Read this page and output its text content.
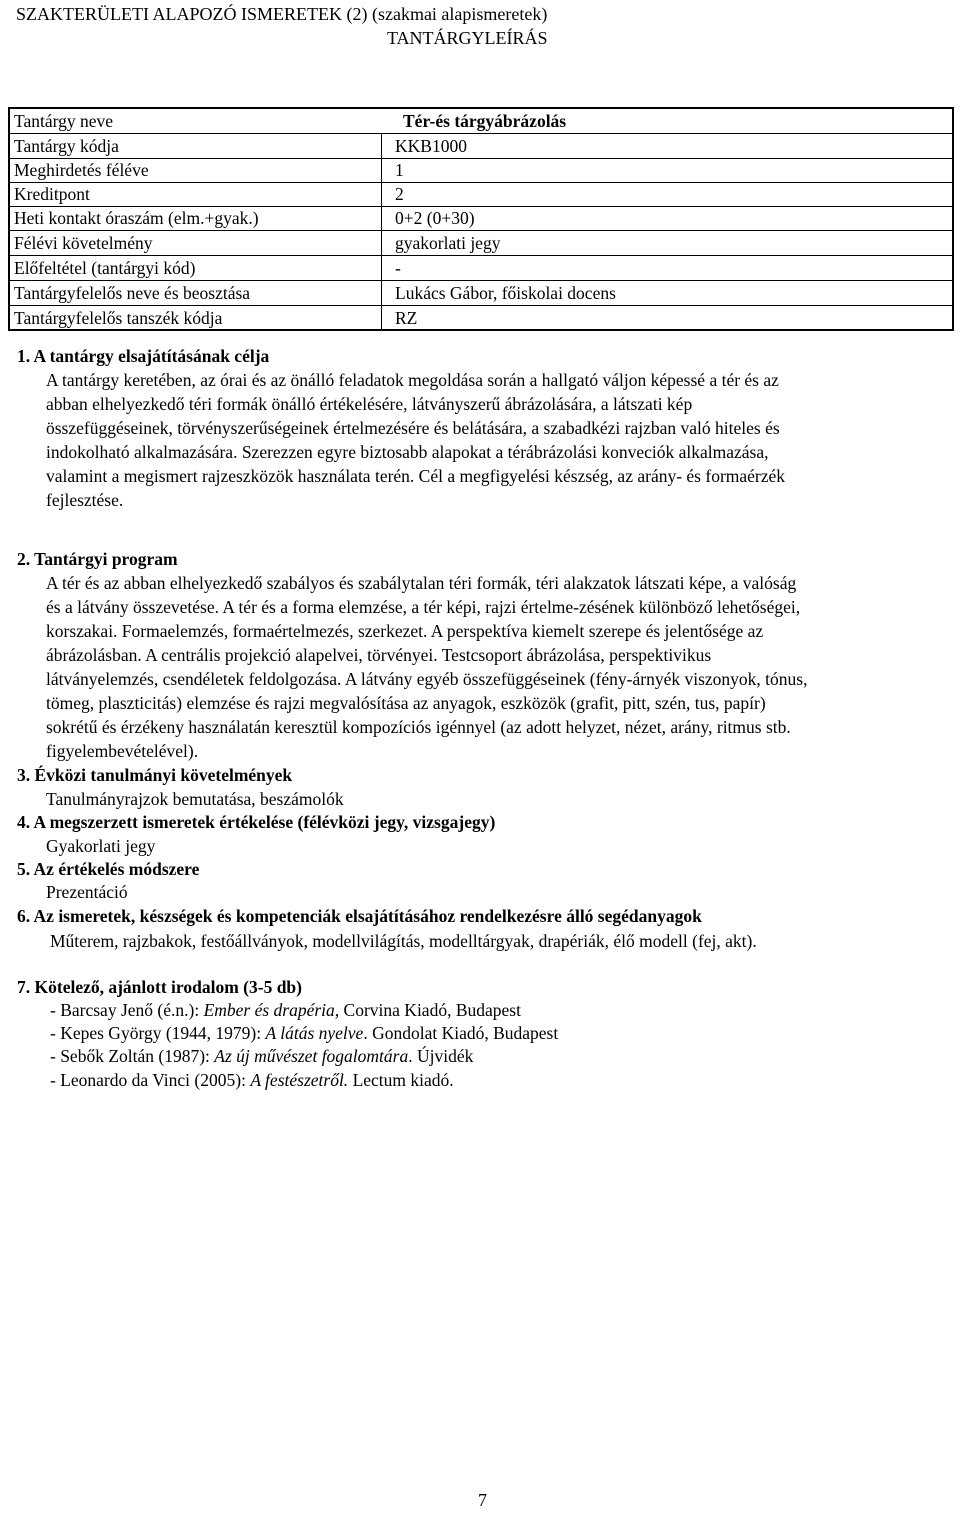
SZAKTERÜLETI ALAPOZÓ ISMERETEK (2) (szakmai alapismeretek)
TANTÁRGYLEÍRÁS
Tantárgy neve	Tér-és tárgyábrázolás
Tantárgy kódja	KKB1000
Meghirdetés féléve	1
Kreditpont	2
Heti kontakt óraszám (elm.+gyak.)	0+2 (0+30)
Félévi követelmény	gyakorlati jegy
Előfeltétel (tantárgyi kód)	-
Tantárgyfelelős neve és beosztása	Lukács Gábor, főiskolai docens
Tantárgyfelelős tanszék kódja	RZ
1. A tantárgy elsajátításának célja
A tantárgy keretében, az órai és az önálló feladatok megoldása során a hallgató váljon képessé a tér és az
abban elhelyezkedő téri formák önálló értékelésére, látványszerű ábrázolására, a látszati kép
összefüggéseinek, törvényszerűségeinek értelmezésére és belátására, a szabadkézi rajzban való hiteles és
indokolható alkalmazására. Szerezzen egyre biztosabb alapokat a térábrázolási konveciók alkalmazása,
valamint a megismert rajzeszközök használata terén. Cél a megfigyelési készség, az arány- és formaérzék
fejlesztése.
2. Tantárgyi program
A tér és az abban elhelyezkedő szabályos és szabálytalan téri formák, téri alakzatok látszati képe, a valóság
és a látvány összevetése. A tér és a forma elemzése, a tér képi, rajzi értelme-zésének különböző lehetőségei,
korszakai. Formaelemzés, formaértelmezés, szerkezet. A perspektíva kiemelt szerepe és jelentősége az
ábrázolásban. A centrális projekció alapelvei, törvényei. Testcsoport ábrázolása, perspektivikus
látványelemzés, csendéletek feldolgozása. A látvány egyéb összefüggéseinek (fény-árnyék viszonyok, tónus,
tömeg, plaszticitás) elemzése és rajzi megvalósítása az anyagok, eszközök (grafit, pitt, szén, tus, papír)
sokrétű és érzékeny használatán keresztül kompozíciós igénnyel (az adott helyzet, nézet, arány, ritmus stb.
figyelembevételével).
3. Évközi tanulmányi követelmények
Tanulmányrajzok bemutatása, beszámolók
4. A megszerzett ismeretek értékelése (félévközi jegy, vizsgajegy)
Gyakorlati jegy
5. Az értékelés módszere
Prezentáció
6. Az ismeretek, készségek és kompetenciák elsajátításához rendelkezésre álló segédanyagok
Műterem, rajzbakok, festőállványok, modellvilágítás, modelltárgyak, drapériák, élő modell (fej, akt).
7. Kötelező, ajánlott irodalom (3-5 db)
- Barcsay Jenő (é.n.): Ember és drapéria, Corvina Kiadó, Budapest
- Kepes György (1944, 1979): A látás nyelve. Gondolat Kiadó, Budapest
- Sebők Zoltán (1987): Az új művészet fogalomtára. Újvidék
- Leonardo da Vinci (2005): A festészetről. Lectum kiadó.
7
